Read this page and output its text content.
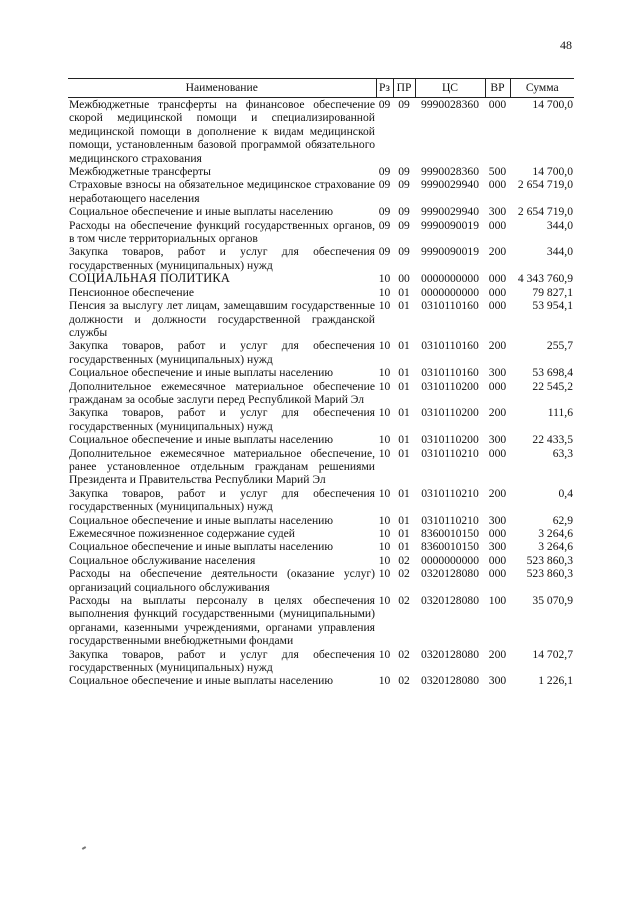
48
Наименование	Рз	ПР	ЦС	ВР	Сумма
Межбюджетные трансферты на финансовое обеспечение скорой медицинской помощи и специализированной медицинской помощи в дополнение к видам медицинской помощи, установленным базовой программой обязательного медицинского страхования	09	09	9990028360	000	14 700,0
Межбюджетные трансферты	09	09	9990028360	500	14 700,0
Страховые взносы на обязательное медицинское страхование неработающего населения	09	09	9990029940	000	2 654 719,0
Социальное обеспечение и иные выплаты населению	09	09	9990029940	300	2 654 719,0
Расходы на обеспечение функций государственных органов, в том числе территориальных органов	09	09	9990090019	000	344,0
Закупка товаров, работ и услуг для обеспечения государственных (муниципальных) нужд	09	09	9990090019	200	344,0
СОЦИАЛЬНАЯ ПОЛИТИКА	10	00	0000000000	000	4 343 760,9
Пенсионное обеспечение	10	01	0000000000	000	79 827,1
Пенсия за выслугу лет лицам, замещавшим государственные должности и должности государственной гражданской службы	10	01	0310110160	000	53 954,1
Закупка товаров, работ и услуг для обеспечения государственных (муниципальных) нужд	10	01	0310110160	200	255,7
Социальное обеспечение и иные выплаты населению	10	01	0310110160	300	53 698,4
Дополнительное ежемесячное материальное обеспечение гражданам за особые заслуги перед Республикой Марий Эл	10	01	0310110200	000	22 545,2
Закупка товаров, работ и услуг для обеспечения государственных (муниципальных) нужд	10	01	0310110200	200	111,6
Социальное обеспечение и иные выплаты населению	10	01	0310110200	300	22 433,5
Дополнительное ежемесячное материальное обеспечение, ранее установленное отдельным гражданам решениями Президента и Правительства Республики Марий Эл	10	01	0310110210	000	63,3
Закупка товаров, работ и услуг для обеспечения государственных (муниципальных) нужд	10	01	0310110210	200	0,4
Социальное обеспечение и иные выплаты населению	10	01	0310110210	300	62,9
Ежемесячное пожизненное содержание судей	10	01	8360010150	000	3 264,6
Социальное обеспечение и иные выплаты населению	10	01	8360010150	300	3 264,6
Социальное обслуживание населения	10	02	0000000000	000	523 860,3
Расходы на обеспечение деятельности (оказание услуг) организаций социального обслуживания	10	02	0320128080	000	523 860,3
Расходы на выплаты персоналу в целях обеспечения выполнения функций государственными (муниципальными) органами, казенными учреждениями, органами управления государственными внебюджетными фондами	10	02	0320128080	100	35 070,9
Закупка товаров, работ и услуг для обеспечения государственных (муниципальных) нужд	10	02	0320128080	200	14 702,7
Социальное обеспечение и иные выплаты населению	10	02	0320128080	300	1 226,1
